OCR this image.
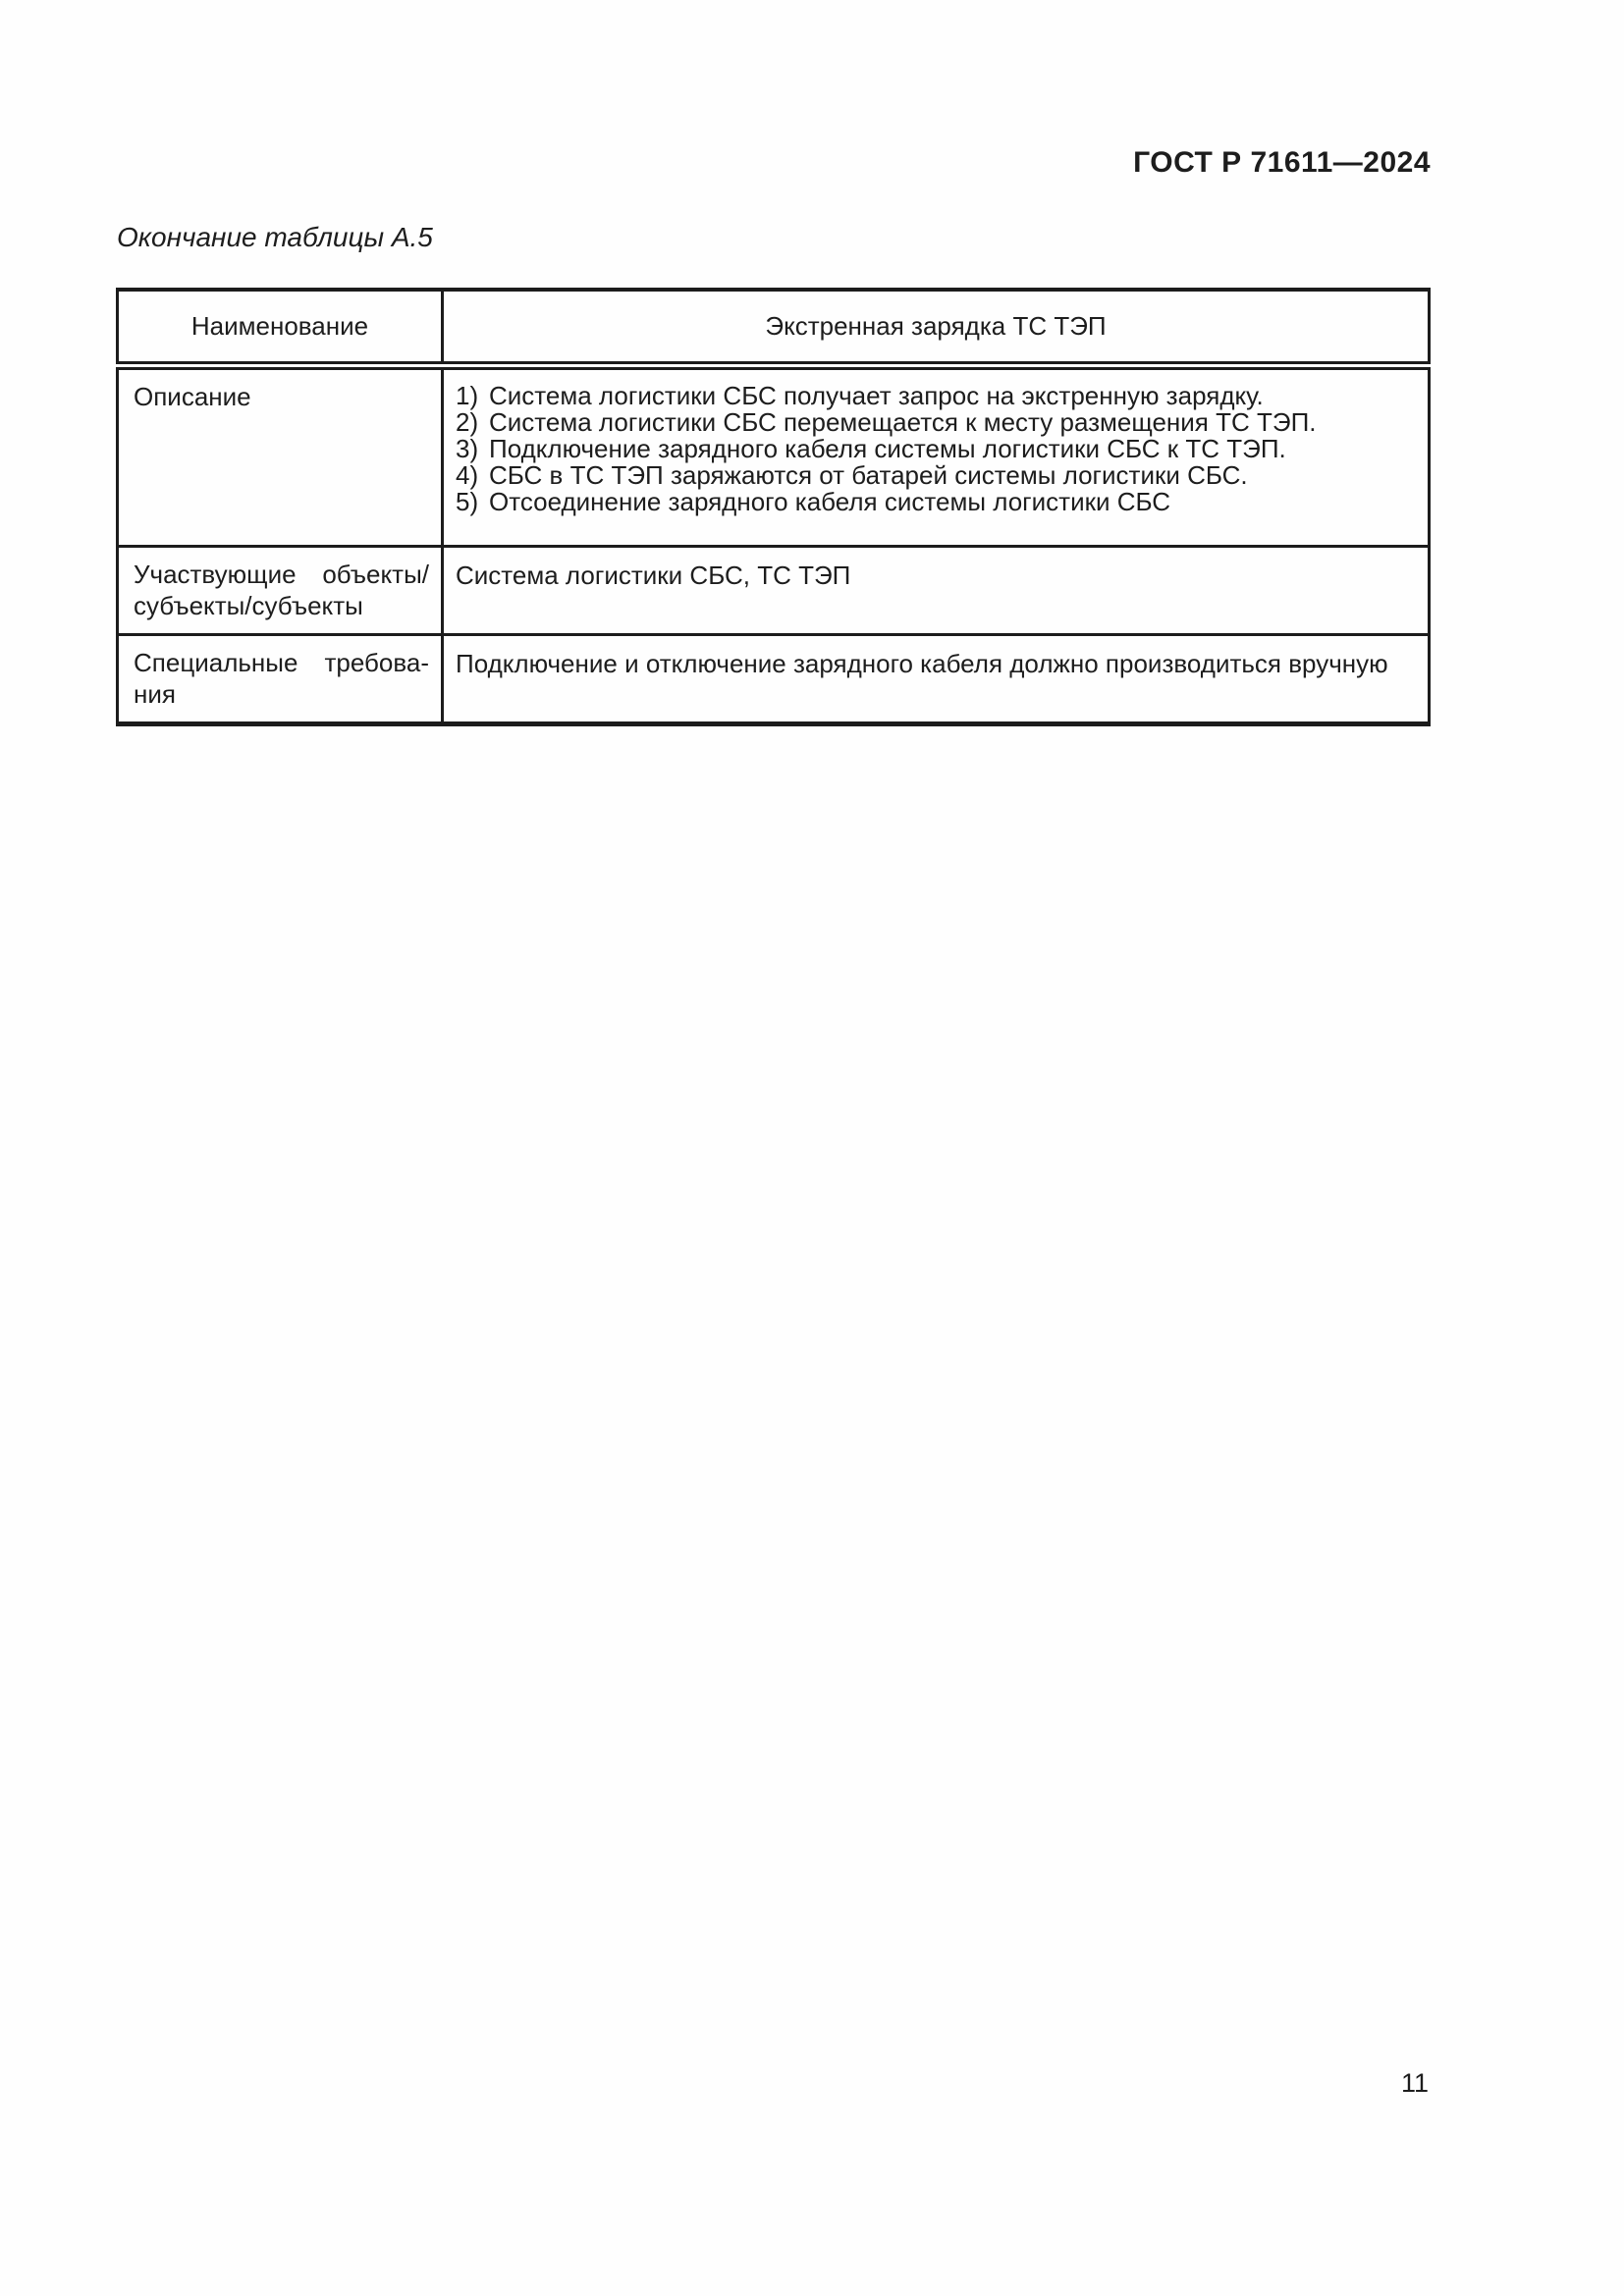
ГОСТ Р 71611—2024
Окончание таблицы А.5
Наименование	Экстренная зарядка ТС ТЭП
Описание	1) Система логистики СБС получает запрос на экстренную зарядку.
2) Система логистики СБС перемещается к месту размещения ТС ТЭП.
3) Подключение зарядного кабеля системы логистики СБС к ТС ТЭП.
4) СБС в ТС ТЭП заряжаются от батарей системы логистики СБС.
5) Отсоединение зарядного кабеля системы логистики СБС

Участвующие объекты/
субъекты/субъекты	Система логистики СБС, ТС ТЭП

Специальные требова-
ния	Подключение и отключение зарядного кабеля должно производиться вручную
11
